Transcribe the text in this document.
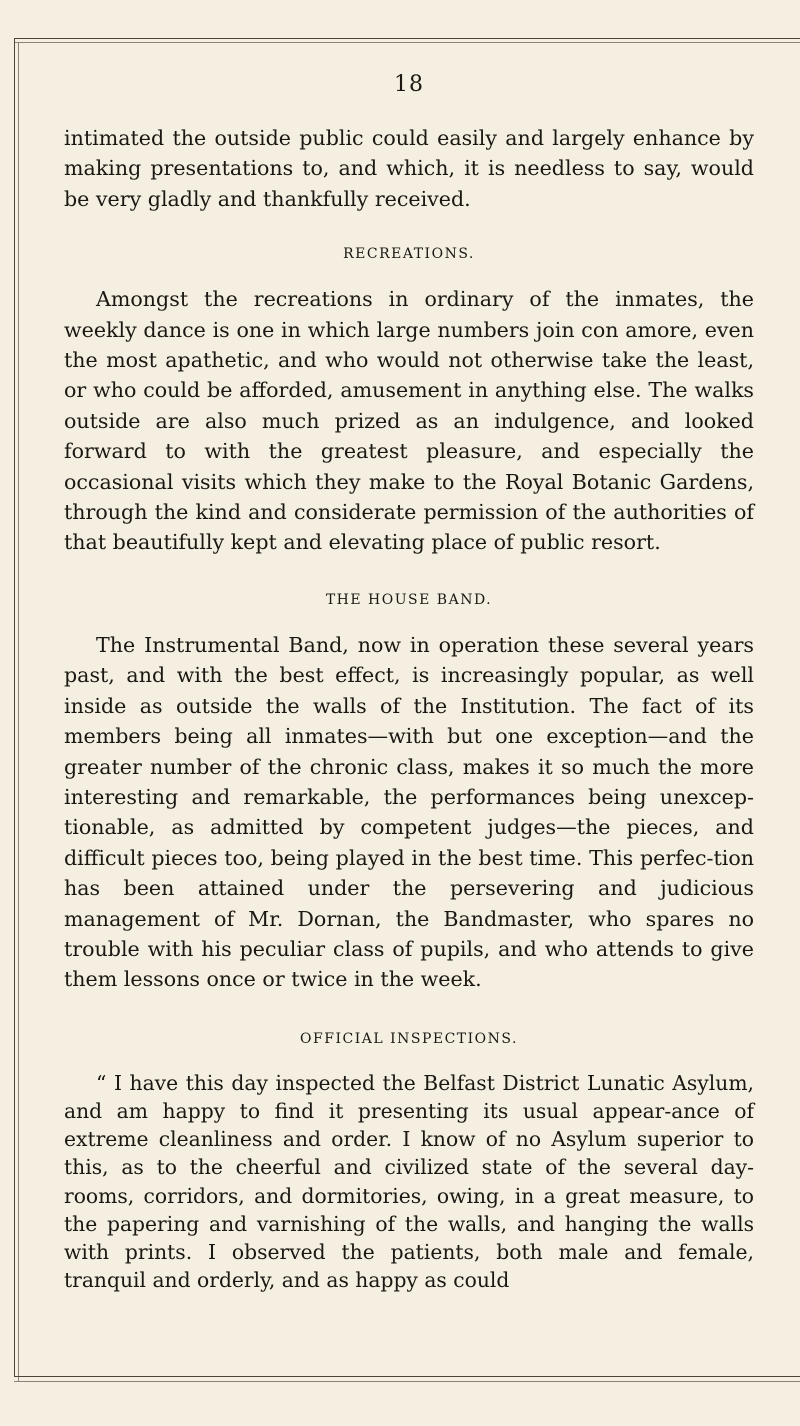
18

intimated the outside public could easily and largely enhance by making presentations to, and which, it is needless to say, would be very gladly and thankfully received.

RECREATIONS.

Amongst the recreations in ordinary of the inmates, the weekly dance is one in which large numbers join con amore, even the most apathetic, and who would not otherwise take the least, or who could be afforded, amusement in anything else. The walks outside are also much prized as an indulgence, and looked forward to with the greatest pleasure, and especially the occasional visits which they make to the Royal Botanic Gardens, through the kind and considerate permission of the authorities of that beautifully kept and elevating place of public resort.

THE HOUSE BAND.

The Instrumental Band, now in operation these several years past, and with the best effect, is increasingly popular, as well inside as outside the walls of the Institution. The fact of its members being all inmates—with but one exception—and the greater number of the chronic class, makes it so much the more interesting and remarkable, the performances being unexcep-tionable, as admitted by competent judges—the pieces, and difficult pieces too, being played in the best time. This perfec-tion has been attained under the persevering and judicious management of Mr. Dornan, the Bandmaster, who spares no trouble with his peculiar class of pupils, and who attends to give them lessons once or twice in the week.

OFFICIAL INSPECTIONS.

“ I have this day inspected the Belfast District Lunatic Asylum, and am happy to find it presenting its usual appear-ance of extreme cleanliness and order. I know of no Asylum superior to this, as to the cheerful and civilized state of the several day-rooms, corridors, and dormitories, owing, in a great measure, to the papering and varnishing of the walls, and hanging the walls with prints. I observed the patients, both male and female, tranquil and orderly, and as happy as could
